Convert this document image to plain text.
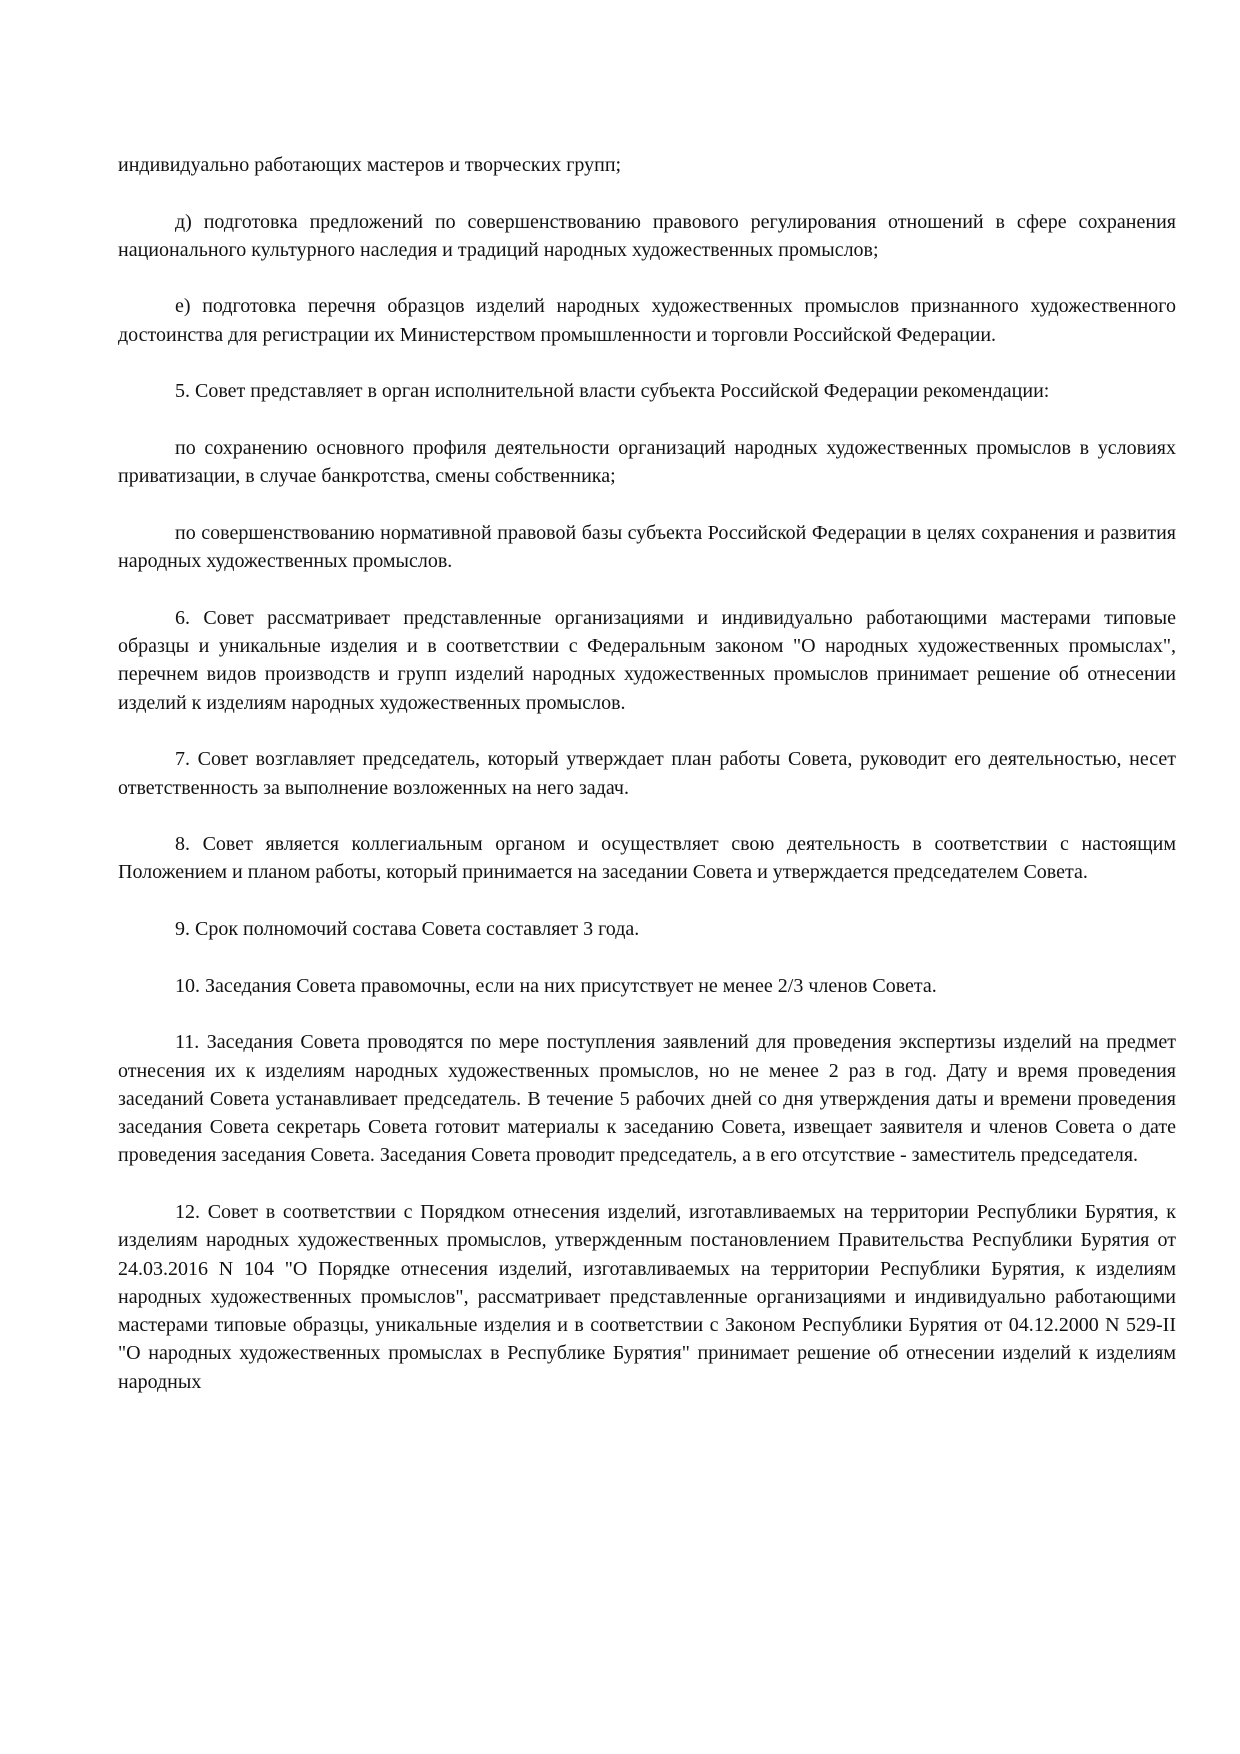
индивидуально работающих мастеров и творческих групп;

д) подготовка предложений по совершенствованию правового регулирования отношений в сфере сохранения национального культурного наследия и традиций народных художественных промыслов;

е) подготовка перечня образцов изделий народных художественных промыслов признанного художественного достоинства для регистрации их Министерством промышленности и торговли Российской Федерации.

5. Совет представляет в орган исполнительной власти субъекта Российской Федерации рекомендации:

по сохранению основного профиля деятельности организаций народных художественных промыслов в условиях приватизации, в случае банкротства, смены собственника;

по совершенствованию нормативной правовой базы субъекта Российской Федерации в целях сохранения и развития народных художественных промыслов.

6. Совет рассматривает представленные организациями и индивидуально работающими мастерами типовые образцы и уникальные изделия и в соответствии с Федеральным законом "О народных художественных промыслах", перечнем видов производств и групп изделий народных художественных промыслов принимает решение об отнесении изделий к изделиям народных художественных промыслов.

7. Совет возглавляет председатель, который утверждает план работы Совета, руководит его деятельностью, несет ответственность за выполнение возложенных на него задач.

8. Совет является коллегиальным органом и осуществляет свою деятельность в соответствии с настоящим Положением и планом работы, который принимается на заседании Совета и утверждается председателем Совета.

9. Срок полномочий состава Совета составляет 3 года.

10. Заседания Совета правомочны, если на них присутствует не менее 2/3 членов Совета.

11. Заседания Совета проводятся по мере поступления заявлений для проведения экспертизы изделий на предмет отнесения их к изделиям народных художественных промыслов, но не менее 2 раз в год. Дату и время проведения заседаний Совета устанавливает председатель. В течение 5 рабочих дней со дня утверждения даты и времени проведения заседания Совета секретарь Совета готовит материалы к заседанию Совета, извещает заявителя и членов Совета о дате проведения заседания Совета. Заседания Совета проводит председатель, а в его отсутствие - заместитель председателя.

12. Совет в соответствии с Порядком отнесения изделий, изготавливаемых на территории Республики Бурятия, к изделиям народных художественных промыслов, утвержденным постановлением Правительства Республики Бурятия от 24.03.2016 N 104 "О Порядке отнесения изделий, изготавливаемых на территории Республики Бурятия, к изделиям народных художественных промыслов", рассматривает представленные организациями и индивидуально работающими мастерами типовые образцы, уникальные изделия и в соответствии с Законом Республики Бурятия от 04.12.2000 N 529-II "О народных художественных промыслах в Республике Бурятия" принимает решение об отнесении изделий к изделиям народных
